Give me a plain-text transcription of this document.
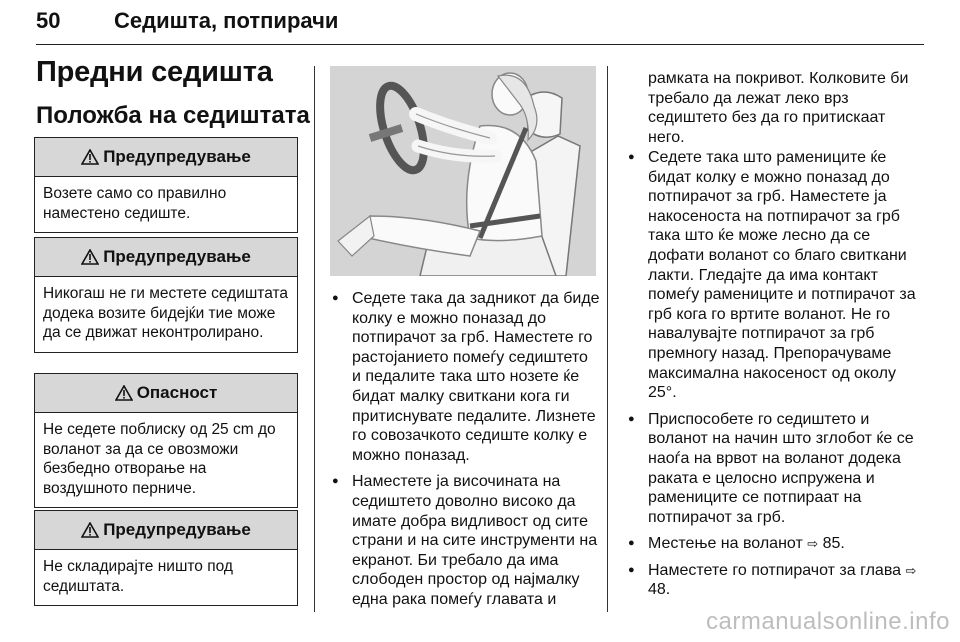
50 Седишта, потпирачи
Предни седишта
Положба на седиштата
Предупредување
Возете само со правилно наместено седиште.
Предупредување
Никогаш не ги местете седиштата додека возите бидејќи тие може да се движат неконтролирано.
Опасност
Не седете поблиску од 25 cm до воланот за да се овозможи безбедно отворање на воздушното перниче.
Предупредување
Не складирајте ништо под седиштата.
● Седете така да задникот да биде колку е можно поназад до потпирачот за грб. Наместете го растојанието помеѓу седиштето и педалите така што нозете ќе бидат малку свиткани кога ги притиснувате педалите. Лизнете го совозачкото седиште колку е можно поназад.
● Наместете ја височината на седиштето доволно високо да имате добра видливост од сите страни и на сите инструменти на екранот. Би требало да има слободен простор од најмалку една рака помеѓу главата и

рамката на покривот. Колковите би требало да лежат леко врз седиштето без да го притискаат него.

● Седете така што рамениците ќе бидат колку е можно поназад до потпирачот за грб. Наместете ја накосеноста на потпирачот за грб така што ќе може лесно да се дофати воланот со благо свиткани лакти. Гледајте да има контакт помеѓу рамениците и потпирачот за грб кога го вртите воланот. Не го навалувајте потпирачот за грб премногу назад. Препорачуваме максимална накосеност од околу 25°.
● Приспособете го седиштето и воланот на начин што зглобот ќе се наоѓа на врвот на воланот додека раката е целосно испружена и рамениците се потпираат на потпирачот за грб.
● Местење на воланот ⇨ 85.
● Наместете го потпирачот за глава ⇨ 48.
carmanualsonline.info
